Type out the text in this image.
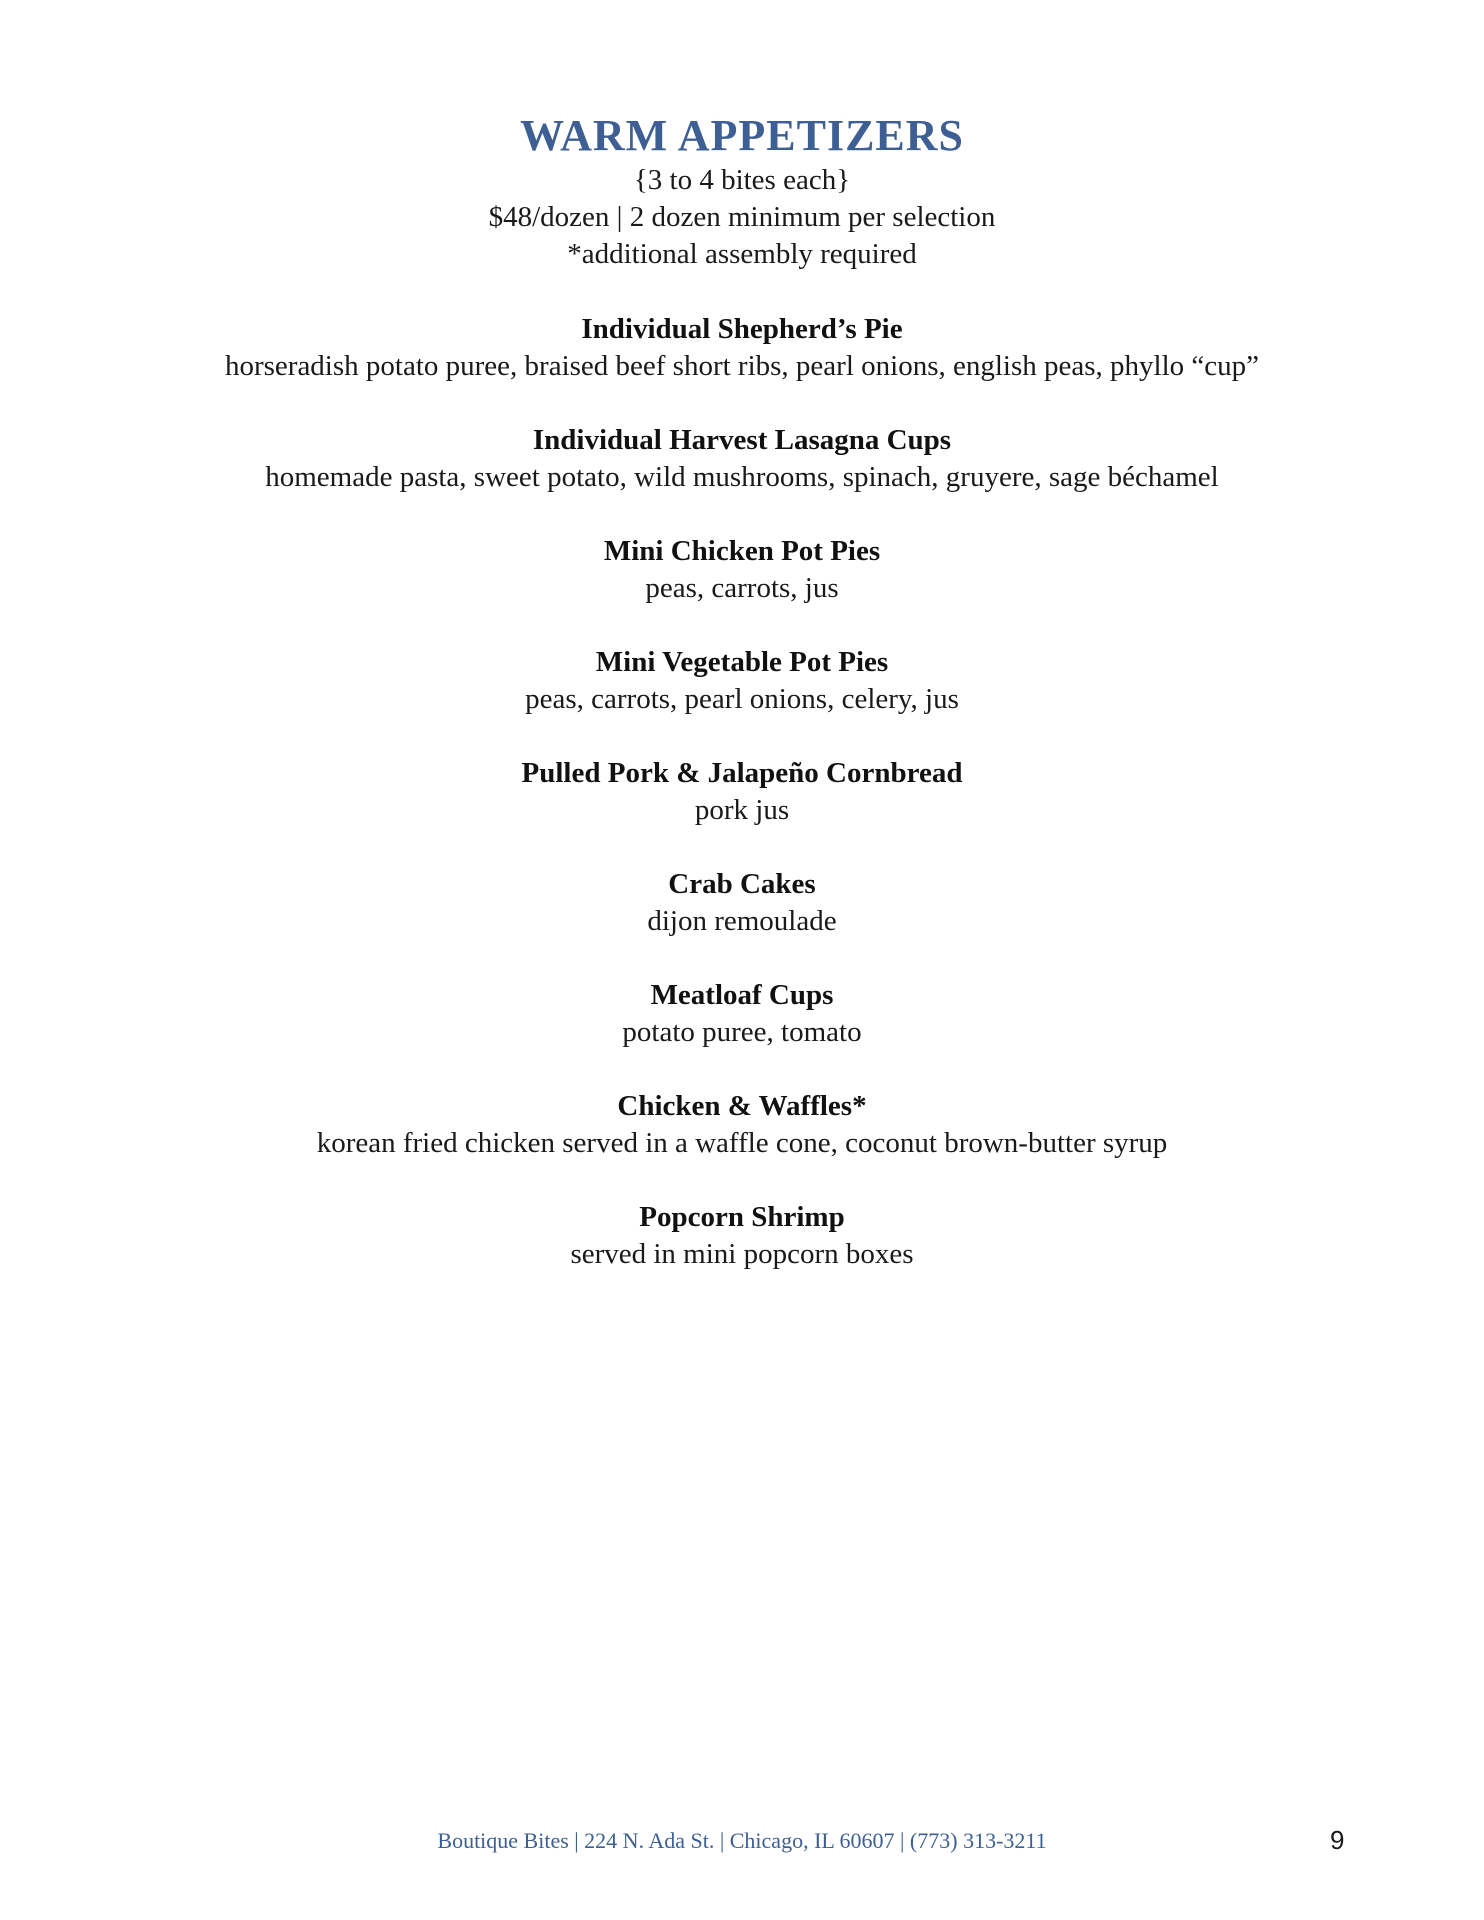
WARM APPETIZERS
{3 to 4 bites each}
$48/dozen | 2 dozen minimum per selection
*additional assembly required
Individual Shepherd’s Pie
horseradish potato puree, braised beef short ribs, pearl onions, english peas, phyllo “cup”
Individual Harvest Lasagna Cups
homemade pasta, sweet potato, wild mushrooms, spinach, gruyere, sage béchamel
Mini Chicken Pot Pies
peas, carrots, jus
Mini Vegetable Pot Pies
peas, carrots, pearl onions, celery, jus
Pulled Pork & Jalapeño Cornbread
pork jus
Crab Cakes
dijon remoulade
Meatloaf Cups
potato puree, tomato
Chicken & Waffles*
korean fried chicken served in a waffle cone, coconut brown-butter syrup
Popcorn Shrimp
served in mini popcorn boxes
Boutique Bites | 224 N. Ada St. | Chicago, IL 60607 | (773) 313-3211	9
